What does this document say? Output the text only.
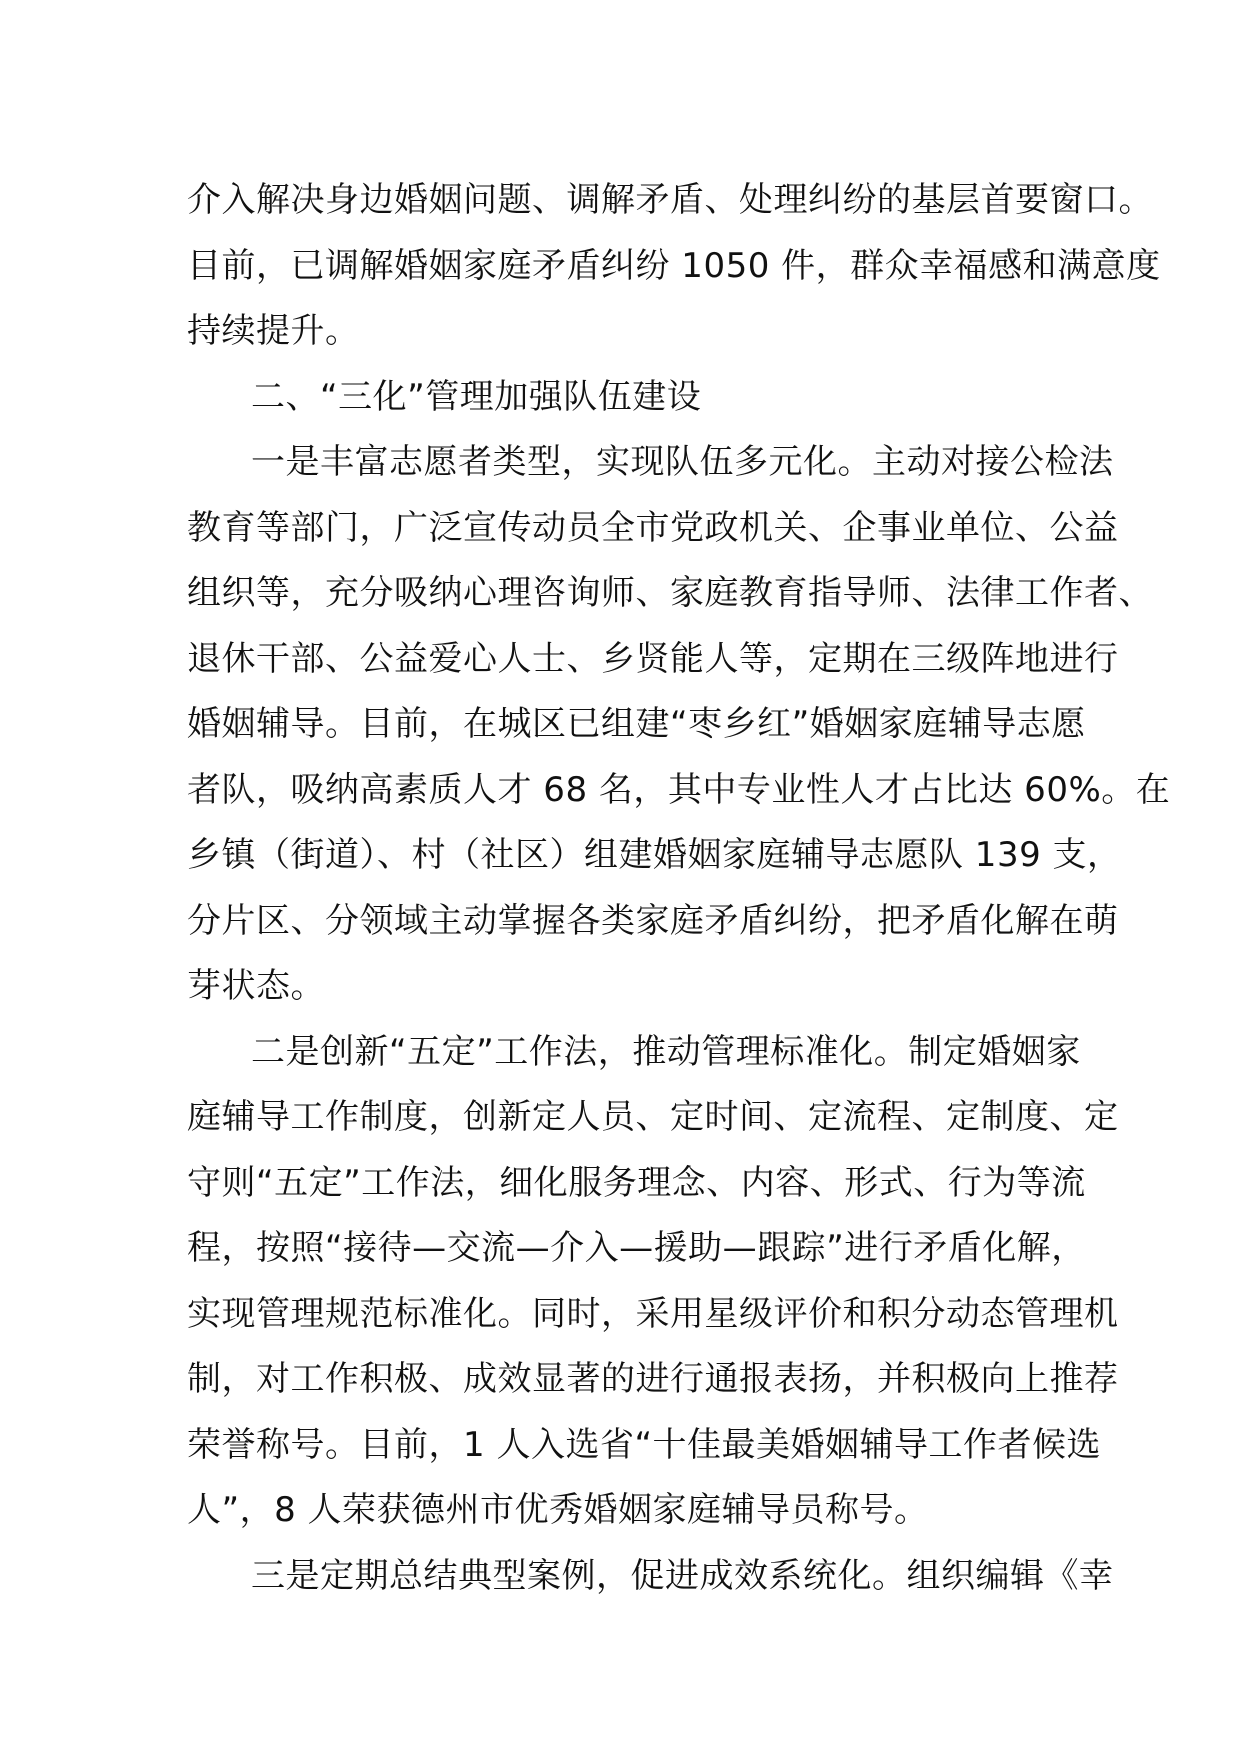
介入解决身边婚姻问题、调解矛盾、处理纠纷的基层首要窗口。
目前，已调解婚姻家庭矛盾纠纷 1050 件，群众幸福感和满意度
持续提升。
二、“三化”管理加强队伍建设
一是丰富志愿者类型，实现队伍多元化。主动对接公检法
教育等部门，广泛宣传动员全市党政机关、企事业单位、公益
组织等，充分吸纳心理咨询师、家庭教育指导师、法律工作者、
退休干部、公益爱心人士、乡贤能人等，定期在三级阵地进行
婚姻辅导。目前，在城区已组建“枣乡红”婚姻家庭辅导志愿
者队，吸纳高素质人才 68 名，其中专业性人才占比达 60%。在
乡镇（街道）、村（社区）组建婚姻家庭辅导志愿队 139 支，
分片区、分领域主动掌握各类家庭矛盾纠纷，把矛盾化解在萌
芽状态。
二是创新“五定”工作法，推动管理标准化。制定婚姻家
庭辅导工作制度，创新定人员、定时间、定流程、定制度、定
守则“五定”工作法，细化服务理念、内容、形式、行为等流
程，按照“接待—交流—介入—援助—跟踪”进行矛盾化解，
实现管理规范标准化。同时，采用星级评价和积分动态管理机
制，对工作积极、成效显著的进行通报表扬，并积极向上推荐
荣誉称号。目前，1 人入选省“十佳最美婚姻辅导工作者候选
人”，8 人荣获德州市优秀婚姻家庭辅导员称号。
三是定期总结典型案例，促进成效系统化。组织编辑《幸
